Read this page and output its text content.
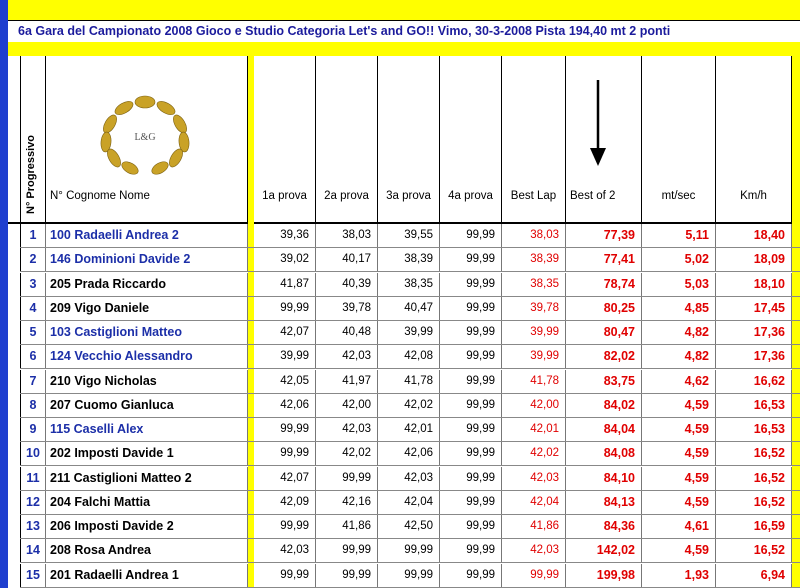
6a Gara del Campionato 2008 Gioco e Studio Categoria Let's and GO!! Vimo, 30-3-2008 Pista 194,40 mt 2 ponti
N° Progressivo	L&G
N° Cognome Nome	1a prova	2a prova	3a prova	4a prova	Best Lap	Best of 2	mt/sec	Km/h
1	100 Radaelli Andrea 2	39,36	38,03	39,55	99,99	38,03	77,39	5,11	18,40
2	146 Dominioni Davide 2	39,02	40,17	38,39	99,99	38,39	77,41	5,02	18,09
3	205 Prada Riccardo	41,87	40,39	38,35	99,99	38,35	78,74	5,03	18,10
4	209 Vigo Daniele	99,99	39,78	40,47	99,99	39,78	80,25	4,85	17,45
5	103 Castiglioni Matteo	42,07	40,48	39,99	99,99	39,99	80,47	4,82	17,36
6	124 Vecchio Alessandro	39,99	42,03	42,08	99,99	39,99	82,02	4,82	17,36
7	210 Vigo Nicholas	42,05	41,97	41,78	99,99	41,78	83,75	4,62	16,62
8	207 Cuomo Gianluca	42,06	42,00	42,02	99,99	42,00	84,02	4,59	16,53
9	115 Caselli Alex	99,99	42,03	42,01	99,99	42,01	84,04	4,59	16,53
10 202 Imposti Davide 1	99,99	42,02	42,06	99,99	42,02	84,08	4,59	16,52
11 211 Castiglioni Matteo 2	42,07	99,99	42,03	99,99	42,03	84,10	4,59	16,52
12 204 Falchi Mattia	42,09	42,16	42,04	99,99	42,04	84,13	4,59	16,52
13 206 Imposti Davide 2	99,99	41,86	42,50	99,99	41,86	84,36	4,61	16,59
14 208 Rosa Andrea	42,03	99,99	99,99	99,99	42,03	142,02	4,59	16,52
15 201 Radaelli Andrea 1	99,99	99,99	99,99	99,99	99,99	199,98	1,93	6,94
